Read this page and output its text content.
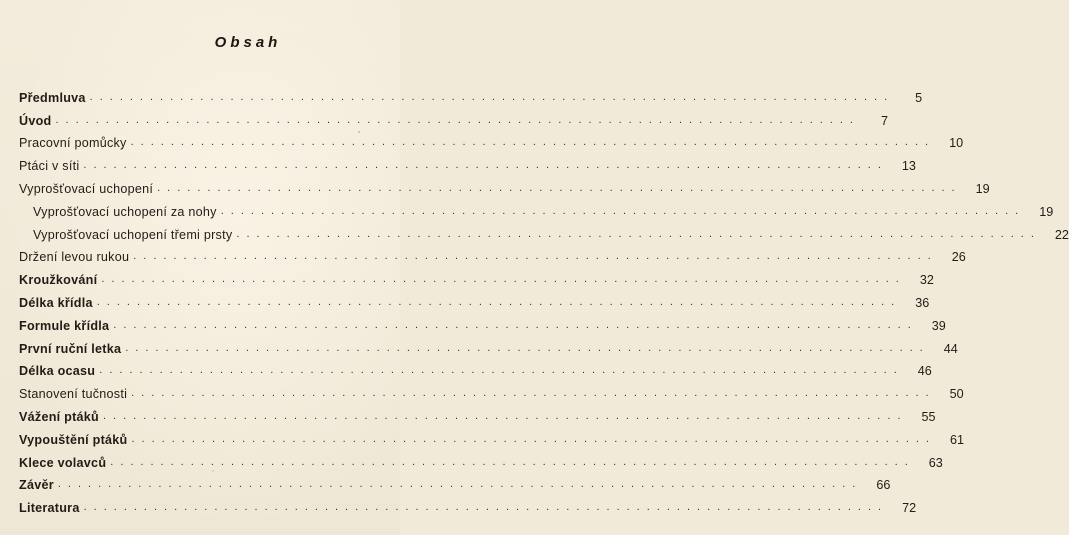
Obsah
Předmluva ................................................................................	5
Úvod ................................................................................	7
Pracovní pomůcky ................................................................................	10
Ptáci v síti ................................................................................	13
Vyprošťovací uchopení ................................................................................	19
Vyprošťovací uchopení za nohy ................................................................................	19
Vyprošťovací uchopení třemi prsty ................................................................................	22
Držení levou rukou ................................................................................	26
Kroužkování ................................................................................	32
Délka křídla ................................................................................	36
Formule křídla ................................................................................	39
První ruční letka ................................................................................	44
Délka ocasu ................................................................................	46
Stanovení tučnosti ................................................................................	50
Vážení ptáků ................................................................................	55
Vypouštění ptáků ................................................................................	61
Klece volavců ................................................................................	63
Závěr ................................................................................	66
Literatura ................................................................................	72
